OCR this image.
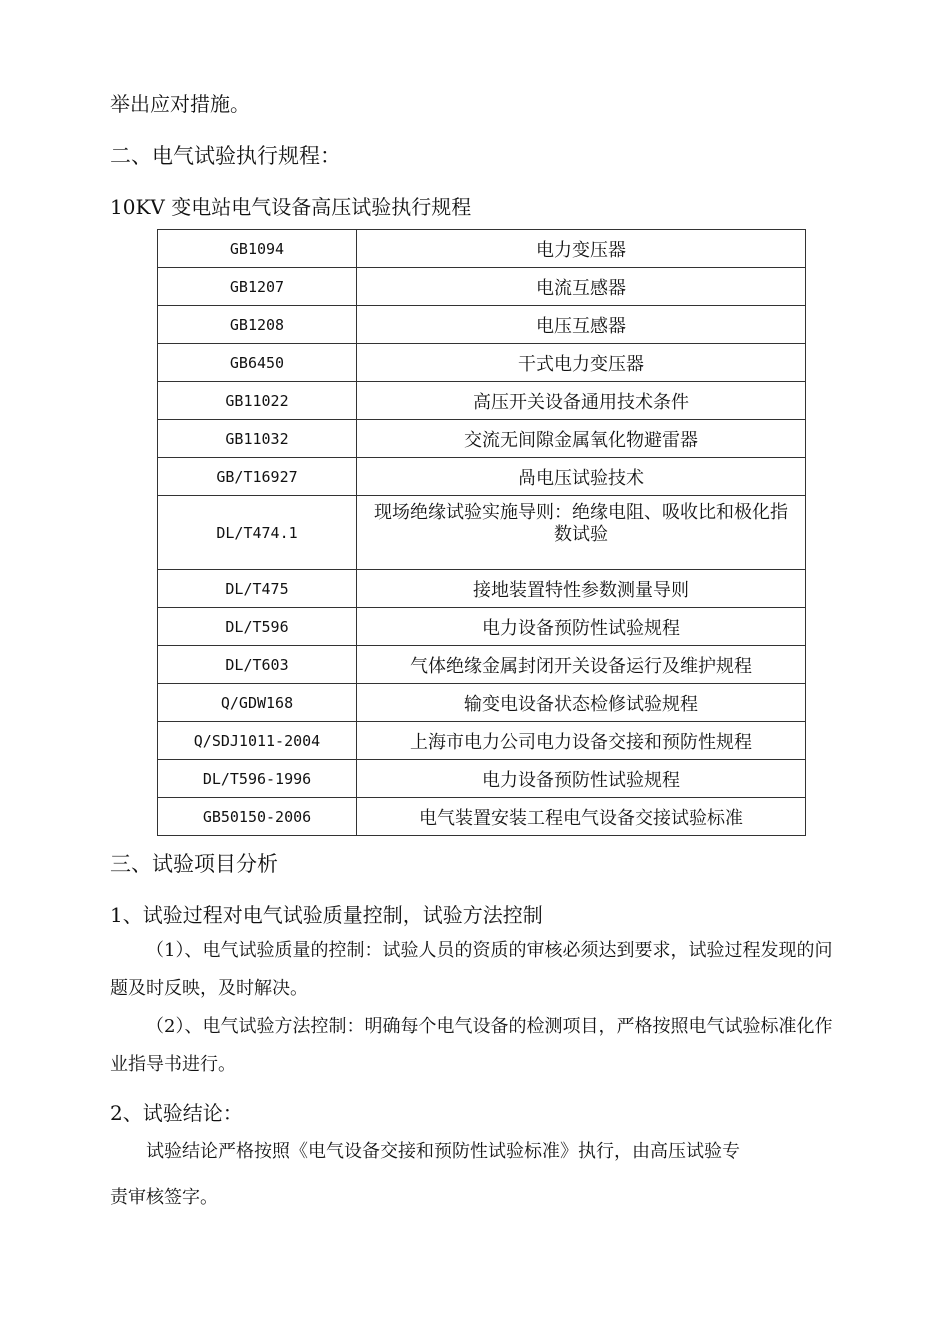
举出应对措施。
二、电气试验执行规程：
10KV 变电站电气设备高压试验执行规程
GB1094	电力变压器
GB1207	电流互感器
GB1208	电压互感器
GB6450	干式电力变压器
GB11022	高压开关设备通用技术条件
GB11032	交流无间隙金属氧化物避雷器
GB/T16927	咼电压试验技术
DL/T474.1	现场绝缘试验实施导则：绝缘电阻、吸收比和极化指
数试验

DL/T475	接地装置特性参数测量导则
DL/T596	电力设备预防性试验规程
DL/T603	气体绝缘金属封闭开关设备运行及维护规程
Q/GDW168	输变电设备状态检修试验规程
Q/SDJ1011-2004	上海市电力公司电力设备交接和预防性规程
DL/T596-1996	电力设备预防性试验规程
GB50150-2006	电气装置安装工程电气设备交接试验标准
三、试验项目分析
1、试验过程对电气试验质量控制，试验方法控制
（1）、电气试验质量的控制：试验人员的资质的审核必须达到要求，试验过程发现的问题及时反映，及时解决。
（2）、电气试验方法控制：明确每个电气设备的检测项目，严格按照电气试验标准化作业指导书进行。
2、试验结论：
试验结论严格按照《电气设备交接和预防性试验标准》执行，由高压试验专
责审核签字。
